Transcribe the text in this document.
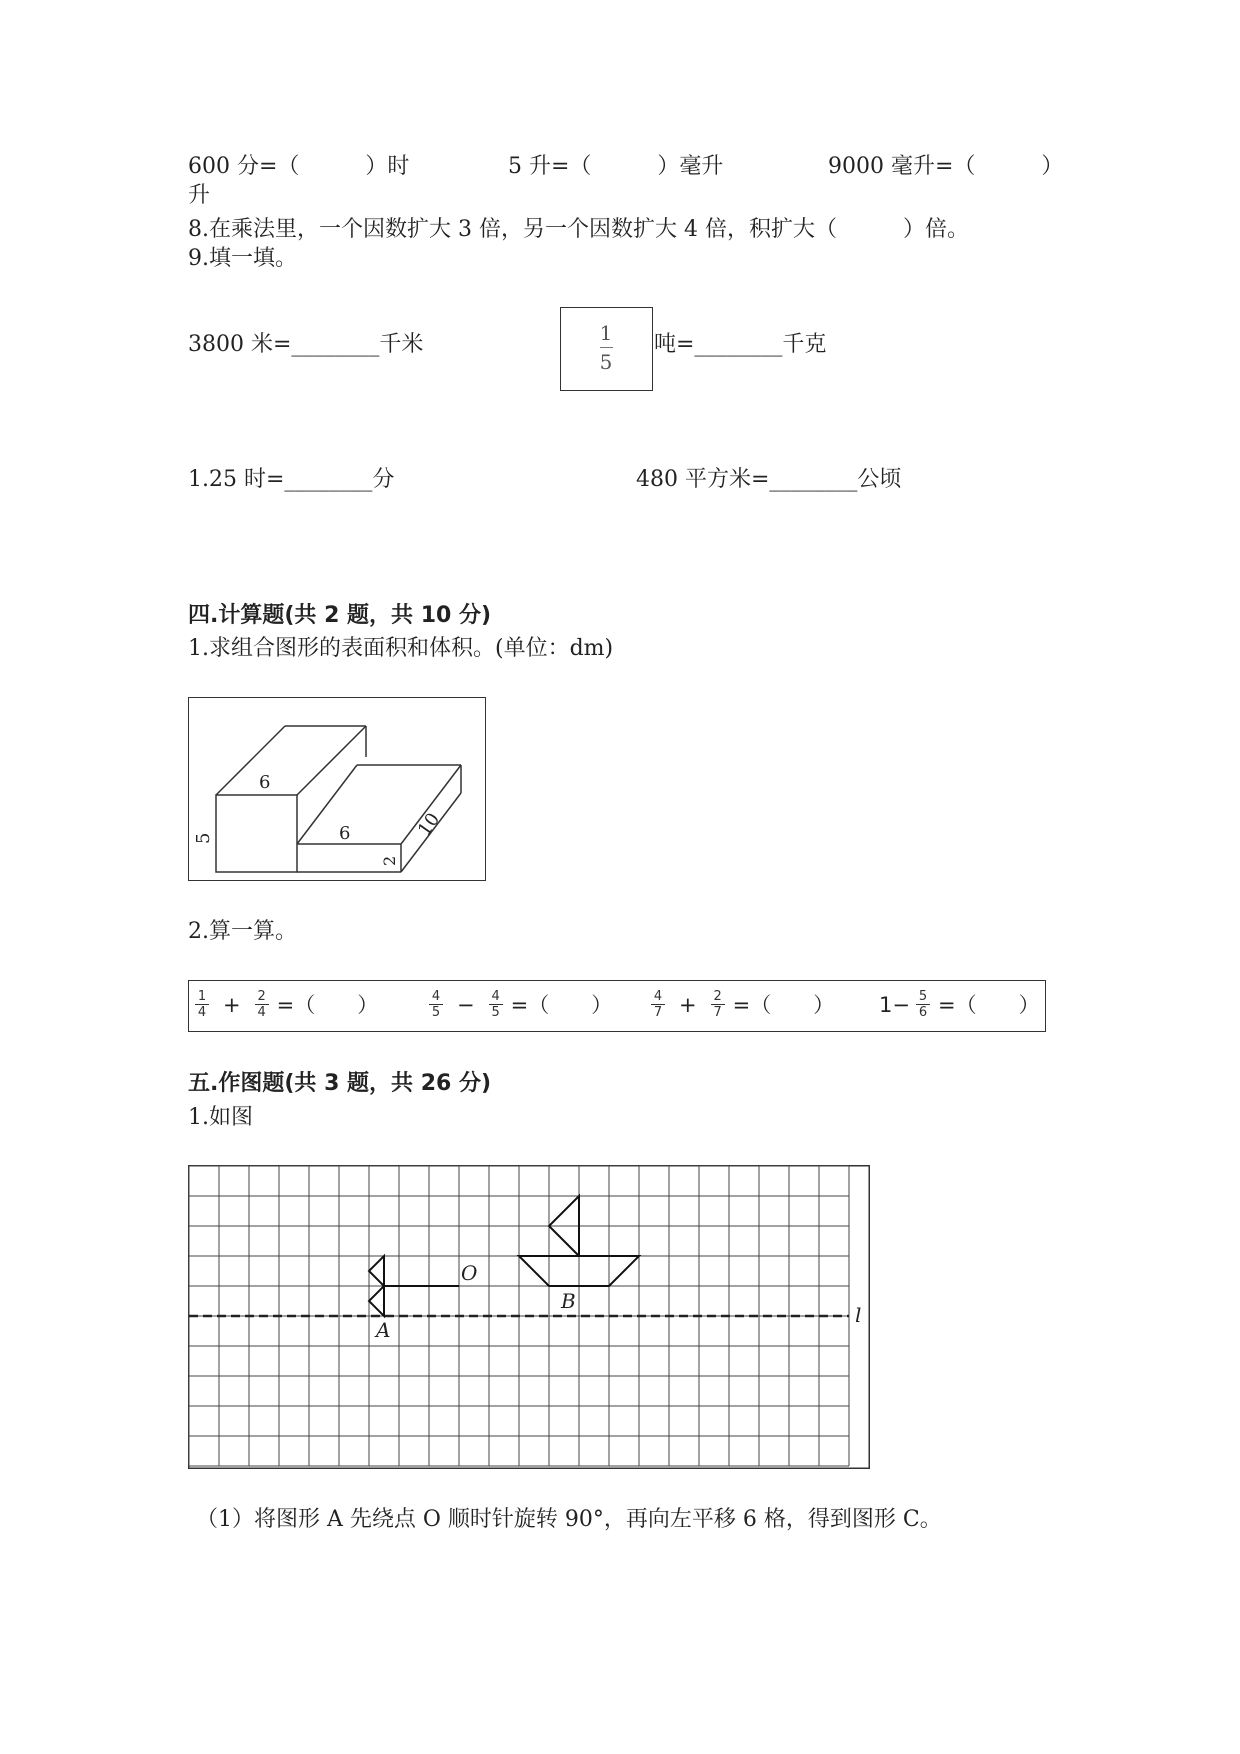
600 分=（　　　）时	5 升=（　　　）毫升	9000 毫升=（　　　）
升
8.在乘法里，一个因数扩大 3 倍，另一个因数扩大 4 倍，积扩大（　　　）倍。
9.填一填。
3800 米=________千米	1
5
吨=________千克
1.25 时=________分	480 平方米=________公顷
四.计算题(共 2 题，共 10 分)
1.求组合图形的表面积和体积。(单位：dm)
6
5	6
2
10
2.算一算。
$\frac{1}{4} + \frac{2}{4}$ =（　　）	$\frac{4}{5} - \frac{4}{5}$ =（　　）	$\frac{4}{7} + \frac{2}{7}$ =（　　） $1- \frac{5}{6}$ =（　　）
五.作图题(共 3 题，共 26 分)
1.如图
O
A
B
l
（1）将图形 A 先绕点 O 顺时针旋转 90°，再向左平移 6 格，得到图形 C。
